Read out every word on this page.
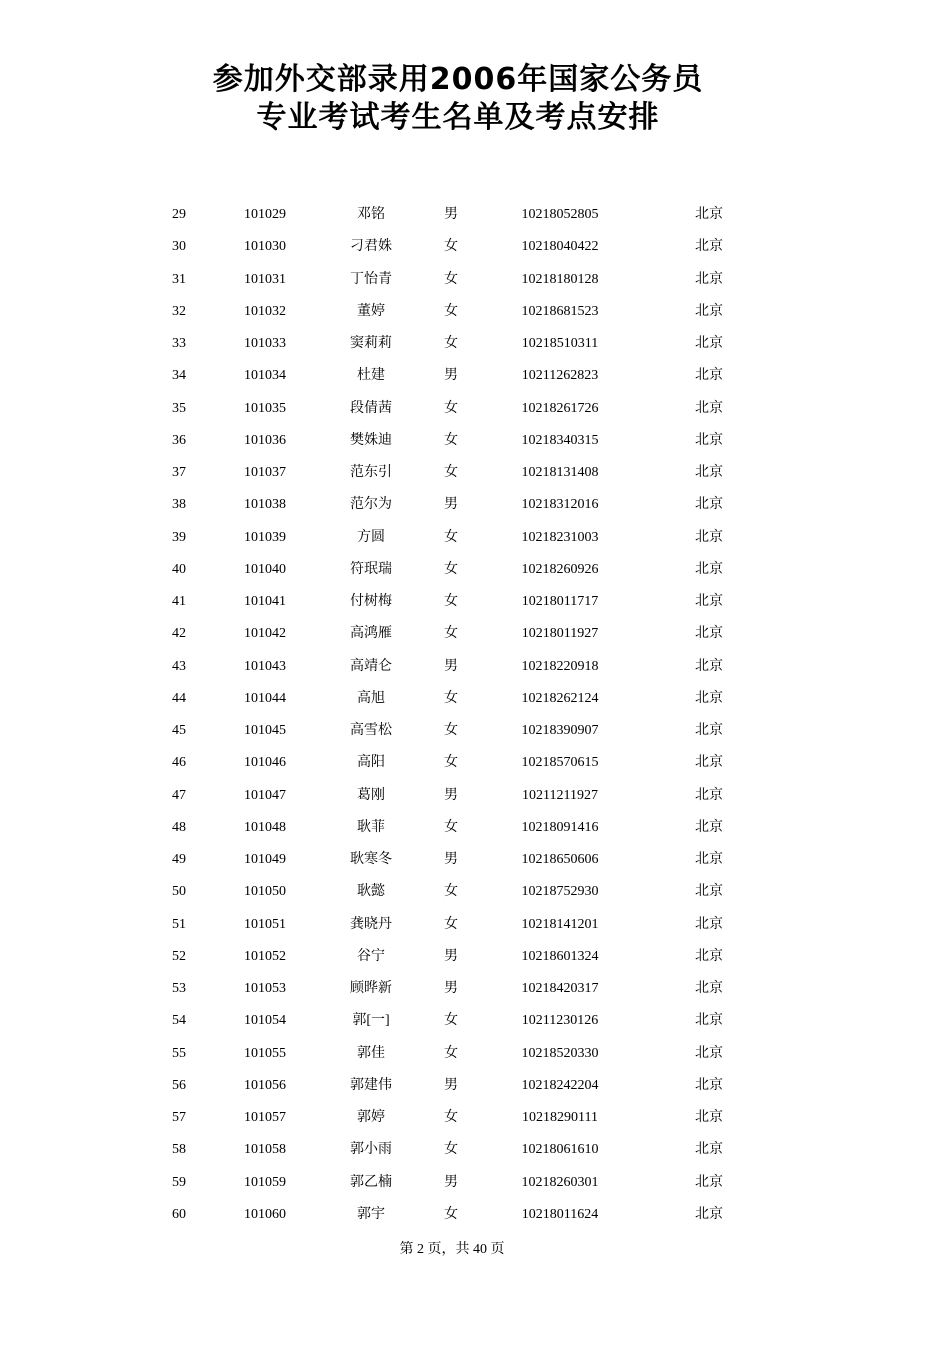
参加外交部录用2006年国家公务员
专业考试考生名单及考点安排
29	101029	邓铭	男	10218052805	北京
30	101030	刁君姝	女	10218040422	北京
31	101031	丁怡青	女	10218180128	北京
32	101032	董婷	女	10218681523	北京
33	101033	窦莉莉	女	10218510311	北京
34	101034	杜建	男	10211262823	北京
35	101035	段倩茜	女	10218261726	北京
36	101036	樊姝迪	女	10218340315	北京
37	101037	范东引	女	10218131408	北京
38	101038	范尔为	男	10218312016	北京
39	101039	方圆	女	10218231003	北京
40	101040	符珉瑞	女	10218260926	北京
41	101041	付树梅	女	10218011717	北京
42	101042	高鸿雁	女	10218011927	北京
43	101043	高靖仑	男	10218220918	北京
44	101044	高旭	女	10218262124	北京
45	101045	高雪松	女	10218390907	北京
46	101046	高阳	女	10218570615	北京
47	101047	葛刚	男	10211211927	北京
48	101048	耿菲	女	10218091416	北京
49	101049	耿寒冬	男	10218650606	北京
50	101050	耿懿	女	10218752930	北京
51	101051	龚晓丹	女	10218141201	北京
52	101052	谷宁	男	10218601324	北京
53	101053	顾晔新	男	10218420317	北京
54	101054	郭[一]	女	10211230126	北京
55	101055	郭佳	女	10218520330	北京
56	101056	郭建伟	男	10218242204	北京
57	101057	郭婷	女	10218290111	北京
58	101058	郭小雨	女	10218061610	北京
59	101059	郭乙楠	男	10218260301	北京
60	101060	郭宇	女	10218011624	北京
第 2 页，共 40 页
